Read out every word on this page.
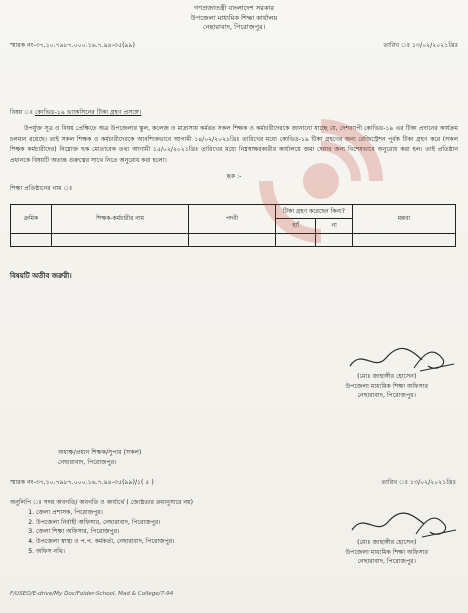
গণপ্রজাতন্ত্রী বাংলাদেশ সরকার
উপজেলা মাধ্যমিক শিক্ষা কার্যালয়
নেছারাবাদ, পিরোজপুর।
স্মারক নং-৩৭.১০.৭৯৮৭.০০০.১৬.৭.৯৪-৩৫(৯৯)	তারিখ ঃ ১৩/০২/২০২১খ্রিঃ
বিষয় ঃ কোভিড-১৯ ভ্যাকসিনের টিকা গ্রহণ প্রসঙ্গে।
উপর্যুক্ত সূত্র ও বিষয় প্রেক্ষিতে অত্র উপজেলার স্কুল, কলেজ ও মাদ্রাসায় কর্মরত সকল শিক্ষক ও কর্মচারীদেরকে জানানো যাচ্ছে যে, দেশব্যাপী কোভিড-১৯ এর টিকা প্রদানের কার্যক্রম চলমান রয়েছে। তাই সকল শিক্ষক ও কর্মচারীদেরকে আবশ্যিকভাবে আগামী ১৪/০২/২০২১খ্রিঃ তারিখের মধ্যে কোভিড-১৯ টিকা গ্রহণের জন্য রেজিস্ট্রেশন পূর্বক টিকা গ্রহণ করে (সকল শিক্ষক কর্মচারীদের) নিম্নোক্ত ছক মোতাবেক তথ্য আগামী ১৫/০২/২০২১খ্রিঃ তারিখের মধ্যে নিম্নস্বাক্ষরকারীর কার্যালয়ে জমা দেয়ার জন্য বিশেষভাবে অনুরোধ করা হল। তাই প্রতিষ্ঠান প্রধানকে বিষয়টি অত্যন্ত গুরুত্বের সাথে নিতে অনুরোধ করা হলো।
ছক :-
শিক্ষা প্রতিষ্ঠানের নাম ঃ
ক্রমিক	শিক্ষক-কর্মচারীর নাম	পদবী	টিকা গ্রহণ করেছেন কিনা?		মন্তব্য
			হ্যাঁ	না	

বিষয়টি অতীব জরুরী।
(মোঃ জাহাঙ্গীর হোসেন)
উপজেলা মাধ্যমিক শিক্ষা অফিসার
নেছারাবাদ, পিরোজপুর।
অধ্যক্ষ/প্রধান শিক্ষক/সুপার (সকল)
নেছারাবাদ, পিরোজপুর।
স্মারক নং-৩৭.১০.৭৯৮৭.০০০.১৬.৭.৯৪-৩৫(৯৯)/১( ৫ )	তারিখ ঃ ১৩/০২/২০২১খ্রিঃ
অনুলিপি ঃ সদয় অবগতি/ অবগতি ও কার্যার্থে ( জ্যেষ্ঠতার ক্রমানুসারে নয়)
1. জেলা প্রশাসক, পিরোজপুর।
2. উপজেলা নির্বাহী অফিসার, নেছারাবাদ, পিরোজপুর।
3. জেলা শিক্ষা অফিসার, পিরোজপুর।
4. উপজেলা স্বাস্থ্য ও প.প. কর্মকর্তা, নেছারাবাদ, পিরোজপুর।
5. অফিস নথি।
(মোঃ জাহাঙ্গীর হোসেন)
উপজেলা মাধ্যমিক শিক্ষা অফিসার
নেছারাবাদ, পিরোজপুর।
F/USEO/E-drive/My Doc/Folder-School, Mad & College/7-94
